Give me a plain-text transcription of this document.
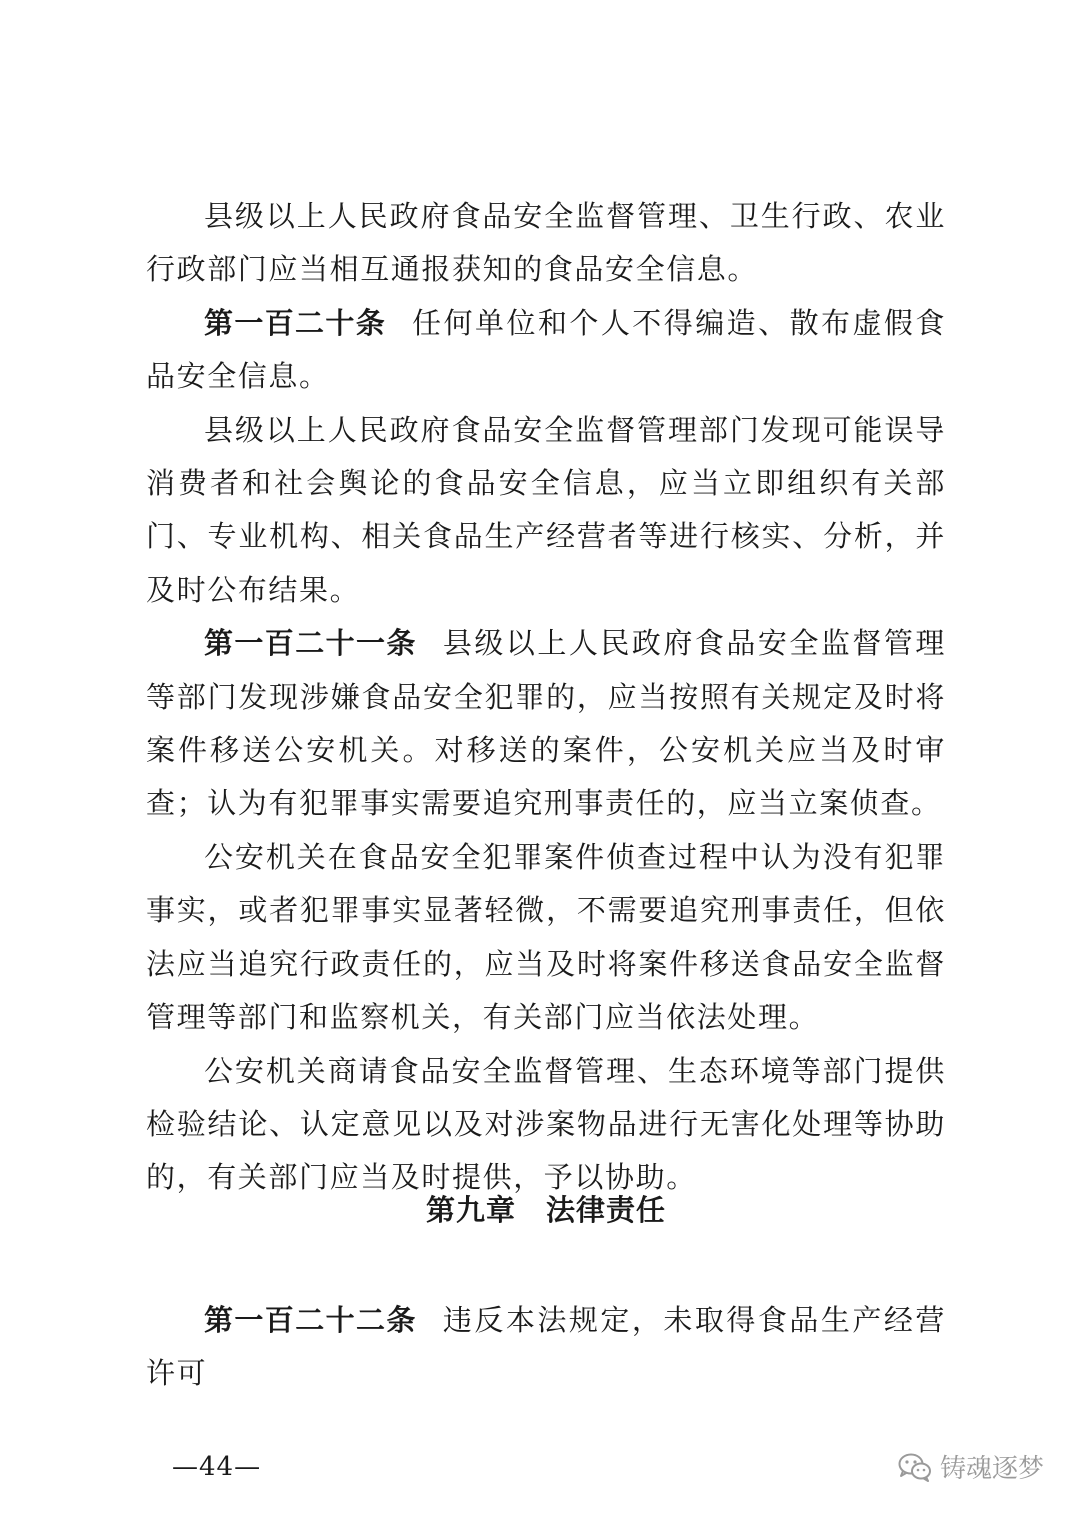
县级以上人民政府食品安全监督管理、卫生行政、农业行政部门应当相互通报获知的食品安全信息。

第一百二十条 任何单位和个人不得编造、散布虚假食品安全信息。

县级以上人民政府食品安全监督管理部门发现可能误导消费者和社会舆论的食品安全信息，应当立即组织有关部门、专业机构、相关食品生产经营者等进行核实、分析，并及时公布结果。

第一百二十一条 县级以上人民政府食品安全监督管理等部门发现涉嫌食品安全犯罪的，应当按照有关规定及时将案件移送公安机关。对移送的案件，公安机关应当及时审查；认为有犯罪事实需要追究刑事责任的，应当立案侦查。

公安机关在食品安全犯罪案件侦查过程中认为没有犯罪事实，或者犯罪事实显著轻微，不需要追究刑事责任，但依法应当追究行政责任的，应当及时将案件移送食品安全监督管理等部门和监察机关，有关部门应当依法处理。

公安机关商请食品安全监督管理、生态环境等部门提供检验结论、认定意见以及对涉案物品进行无害化处理等协助的，有关部门应当及时提供，予以协助。

第九章 法律责任

第一百二十二条 违反本法规定，未取得食品生产经营许可

—44—	铸魂逐梦
